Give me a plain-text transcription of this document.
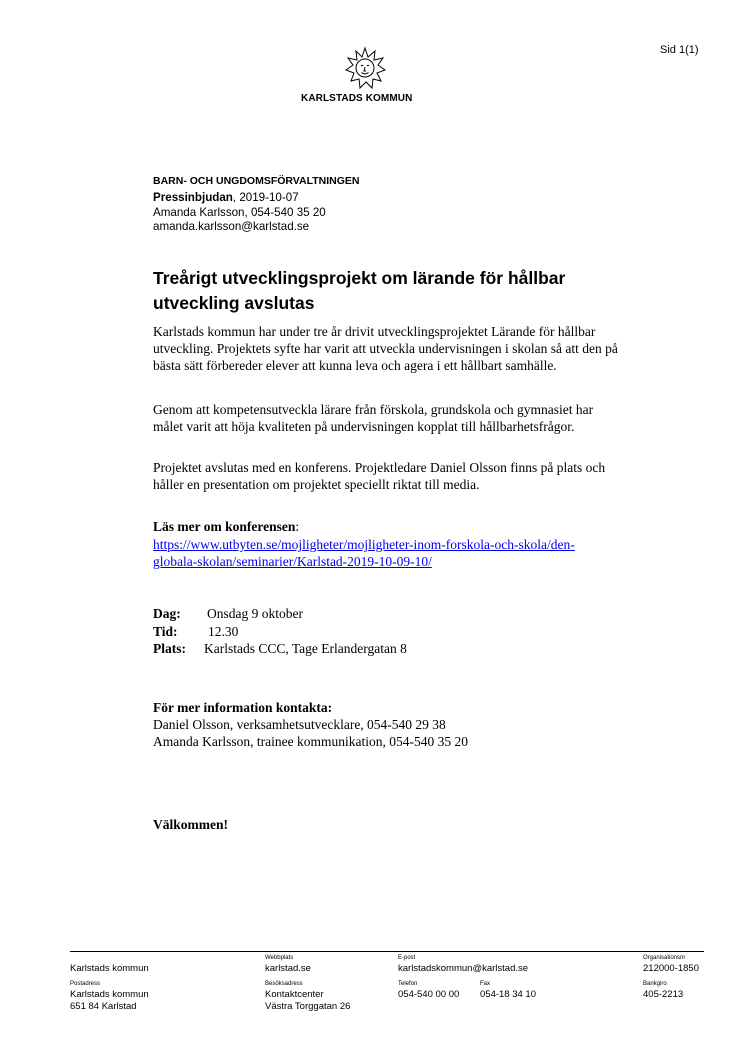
Sid 1(1)
KARLSTADS KOMMUN
BARN- OCH UNGDOMSFÖRVALTNINGEN
Pressinbjudan, 2019-10-07
Amanda Karlsson, 054-540 35 20
amanda.karlsson@karlstad.se
Treårigt utvecklingsprojekt om lärande för hållbar utveckling avslutas
Karlstads kommun har under tre år drivit utvecklingsprojektet Lärande för hållbar utveckling. Projektets syfte har varit att utveckla undervisningen i skolan så att den på bästa sätt förbereder elever att kunna leva och agera i ett hållbart samhälle.
Genom att kompetensutveckla lärare från förskola, grundskola och gymnasiet har målet varit att höja kvaliteten på undervisningen kopplat till hållbarhetsfrågor.
Projektet avslutas med en konferens. Projektledare Daniel Olsson finns på plats och håller en presentation om projektet speciellt riktat till media.
Läs mer om konferensen:
https://www.utbyten.se/mojligheter/mojligheter-inom-forskola-och-skola/den-globala-skolan/seminarier/Karlstad-2019-10-09-10/
Dag: Onsdag 9 oktober
Tid: 12.30
Plats: Karlstads CCC, Tage Erlandergatan 8
För mer information kontakta:
Daniel Olsson, verksamhetsutvecklare, 054-540 29 38
Amanda Karlsson, trainee kommunikation, 054-540 35 20
Välkommen!
Karlstads kommun
Webbplats
karlstad.se
E-post
karlstadskommun@karlstad.se
Organisationsnr
212000-1850
Postadress
Karlstads kommun
651 84 Karlstad
Besöksadress
Kontaktcenter
Västra Torggatan 26
Telefon
054-540 00 00
Fax
054-18 34 10
Bankgiro
405-2213
